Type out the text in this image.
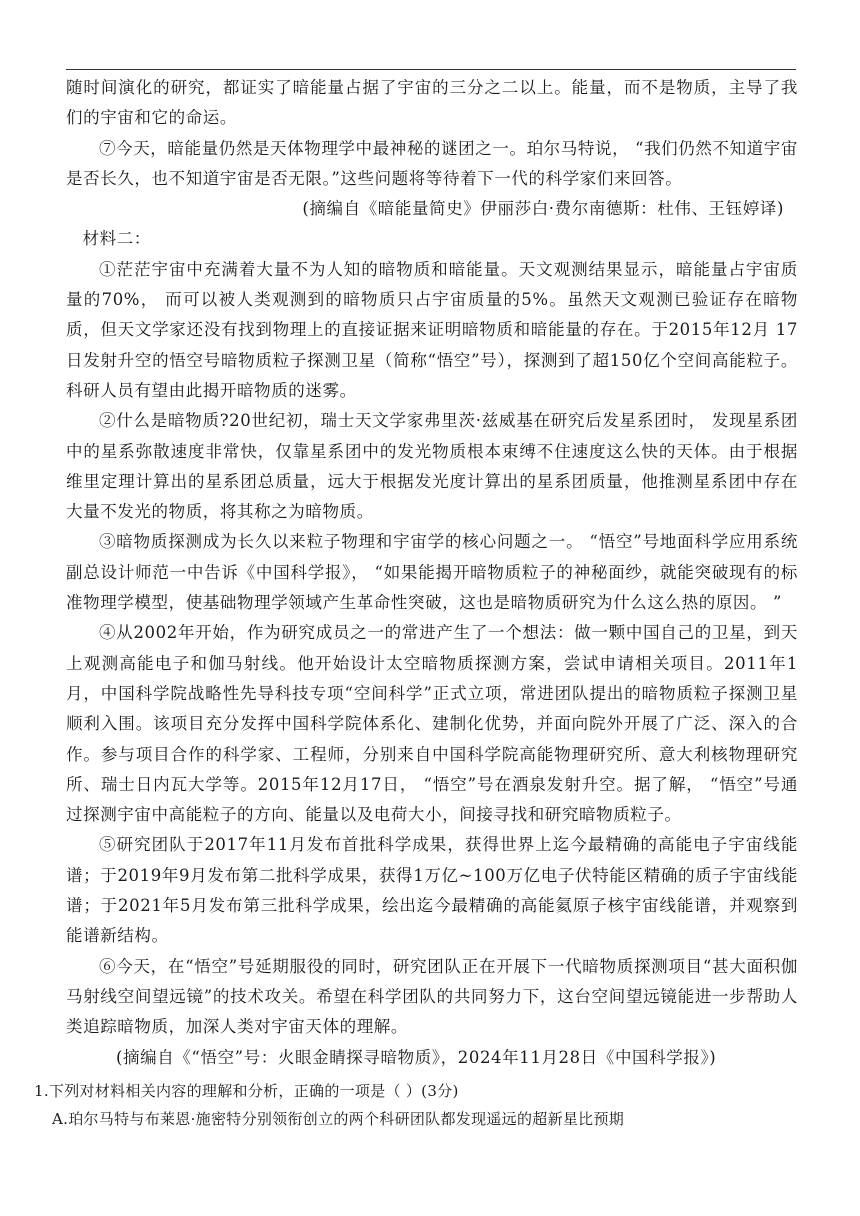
随时间演化的研究，都证实了暗能量占据了宇宙的三分之二以上。能量，而不是物质，主导了我们的宇宙和它的命运。

⑦今天，暗能量仍然是天体物理学中最神秘的谜团之一。珀尔马特说， “我们仍然不知道宇宙是否长久，也不知道宇宙是否无限。”这些问题将等待着下一代的科学家们来回答。

(摘编自《暗能量简史》伊丽莎白·费尔南德斯：杜伟、王钰婷译)

材料二：

①茫茫宇宙中充满着大量不为人知的暗物质和暗能量。天文观测结果显示，暗能量占宇宙质量的70%， 而可以被人类观测到的暗物质只占宇宙质量的5%。虽然天文观测已验证存在暗物质，但天文学家还没有找到物理上的直接证据来证明暗物质和暗能量的存在。于2015年12月 17日发射升空的悟空号暗物质粒子探测卫星（简称“悟空”号），探测到了超150亿个空间高能粒子。科研人员有望由此揭开暗物质的迷雾。

②什么是暗物质?20世纪初，瑞士天文学家弗里茨·兹威基在研究后发星系团时， 发现星系团中的星系弥散速度非常快，仅靠星系团中的发光物质根本束缚不住速度这么快的天体。由于根据维里定理计算出的星系团总质量，远大于根据发光度计算出的星系团质量，他推测星系团中存在大量不发光的物质，将其称之为暗物质。

③暗物质探测成为长久以来粒子物理和宇宙学的核心问题之一。 “悟空”号地面科学应用系统副总设计师范一中告诉《中国科学报》， “如果能揭开暗物质粒子的神秘面纱，就能突破现有的标准物理学模型，使基础物理学领域产生革命性突破，这也是暗物质研究为什么这么热的原因。 ”

④从2002年开始，作为研究成员之一的常进产生了一个想法：做一颗中国自己的卫星，到天上观测高能电子和伽马射线。他开始设计太空暗物质探测方案，尝试申请相关项目。2011年1月，中国科学院战略性先导科技专项“空间科学”正式立项，常进团队提出的暗物质粒子探测卫星顺利入围。该项目充分发挥中国科学院体系化、建制化优势，并面向院外开展了广泛、深入的合作。参与项目合作的科学家、工程师，分别来自中国科学院高能物理研究所、意大利核物理研究所、瑞士日内瓦大学等。2015年12月17日， “悟空”号在酒泉发射升空。据了解， “悟空”号通过探测宇宙中高能粒子的方向、能量以及电荷大小，间接寻找和研究暗物质粒子。

⑤研究团队于2017年11月发布首批科学成果，获得世界上迄今最精确的高能电子宇宙线能谱；于2019年9月发布第二批科学成果，获得1万亿~100万亿电子伏特能区精确的质子宇宙线能谱；于2021年5月发布第三批科学成果，绘出迄今最精确的高能氦原子核宇宙线能谱，并观察到能谱新结构。

⑥今天，在“悟空”号延期服役的同时，研究团队正在开展下一代暗物质探测项目“甚大面积伽马射线空间望远镜”的技术攻关。希望在科学团队的共同努力下，这台空间望远镜能进一步帮助人类追踪暗物质，加深人类对宇宙天体的理解。

(摘编自《“悟空”号：火眼金睛探寻暗物质》，2024年11月28日《中国科学报》)

1.下列对材料相关内容的理解和分析，正确的一项是（ ）(3分)

A.珀尔马特与布莱恩·施密特分别领衔创立的两个科研团队都发现遥远的超新星比预期
